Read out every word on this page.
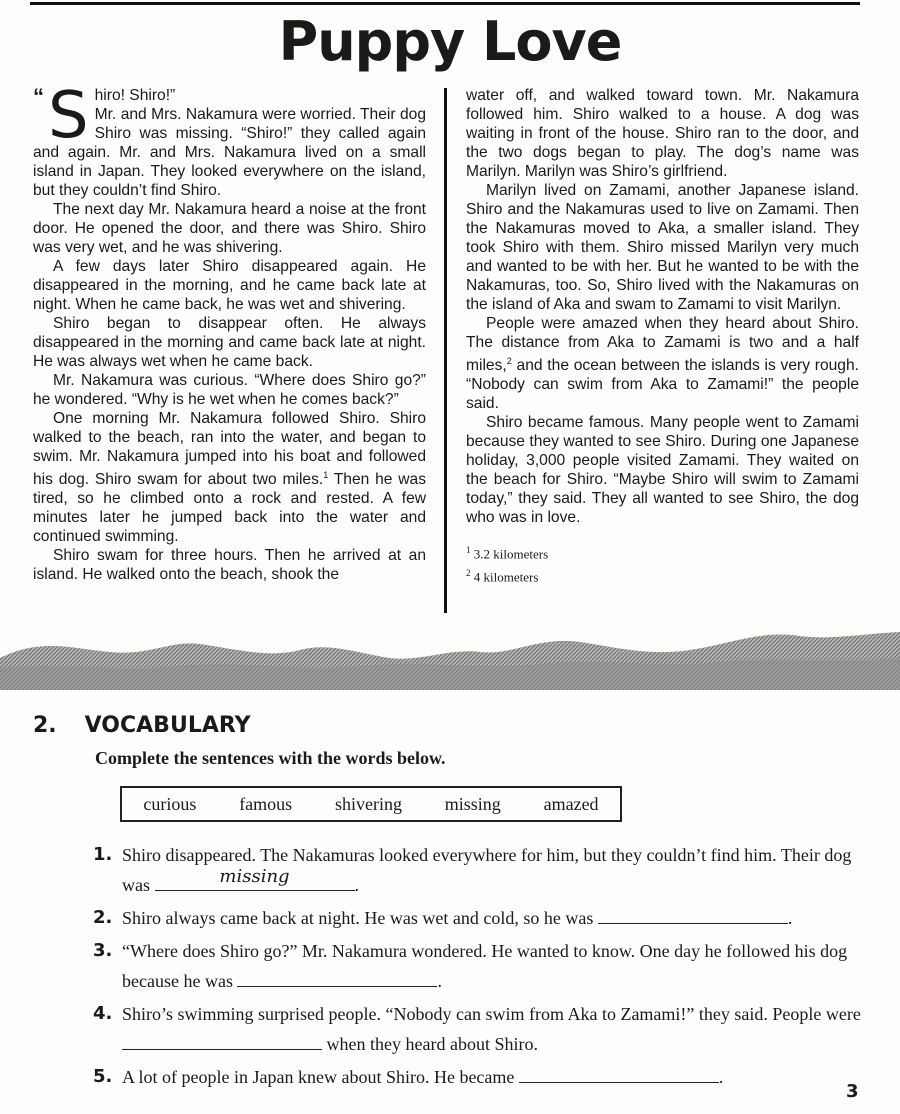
Puppy Love

“ S hiro! Shiro!”
Mr. and Mrs. Nakamura were worried. Their dog Shiro was missing. “Shiro!” they called again and again. Mr. and Mrs. Nakamura lived on a small island in Japan. They looked everywhere on the island, but they couldn’t find Shiro.

The next day Mr. Nakamura heard a noise at the front door. He opened the door, and there was Shiro. Shiro was very wet, and he was shivering.

A few days later Shiro disappeared again. He disappeared in the morning, and he came back late at night. When he came back, he was wet and shivering.

Shiro began to disappear often. He always disappeared in the morning and came back late at night. He was always wet when he came back.

Mr. Nakamura was curious. “Where does Shiro go?” he wondered. “Why is he wet when he comes back?”

One morning Mr. Nakamura followed Shiro. Shiro walked to the beach, ran into the water, and began to swim. Mr. Nakamura jumped into his boat and followed his dog. Shiro swam for about two miles.$^1$ Then he was tired, so he climbed onto a rock and rested. A few minutes later he jumped back into the water and continued swimming.

Shiro swam for three hours. Then he arrived at an island. He walked onto the beach, shook the

water off, and walked toward town. Mr. Nakamura followed him. Shiro walked to a house. A dog was waiting in front of the house. Shiro ran to the door, and the two dogs began to play. The dog’s name was Marilyn. Marilyn was Shiro’s girlfriend.

Marilyn lived on Zamami, another Japanese island. Shiro and the Nakamuras used to live on Zamami. Then the Nakamuras moved to Aka, a smaller island. They took Shiro with them. Shiro missed Marilyn very much and wanted to be with her. But he wanted to be with the Nakamuras, too. So, Shiro lived with the Nakamuras on the island of Aka and swam to Zamami to visit Marilyn.

People were amazed when they heard about Shiro. The distance from Aka to Zamami is two and a half miles,$^2$ and the ocean between the islands is very rough. “Nobody can swim from Aka to Zamami!” the people said.

Shiro became famous. Many people went to Zamami because they wanted to see Shiro. During one Japanese holiday, 3,000 people visited Zamami. They waited on the beach for Shiro. “Maybe Shiro will swim to Zamami today,” they said. They all wanted to see Shiro, the dog who was in love.

$^1$ 3.2 kilometers
$^2$ 4 kilometers
2. VOCABULARY
Complete the sentences with the words below.
curious famous shivering missing amazed
1. Shiro disappeared. The Nakamuras looked everywhere for him, but they couldn’t find him. Their dog was	missing	.
2. Shiro always came back at night. He was wet and cold, so he was	.
3. “Where does Shiro go?” Mr. Nakamura wondered. He wanted to know. One day he followed his dog because he was	.
4. Shiro’s swimming surprised people. “Nobody can swim from Aka to Zamami!” they said. People were
when they heard about Shiro.
5. A lot of people in Japan knew about Shiro. He became	.
3
